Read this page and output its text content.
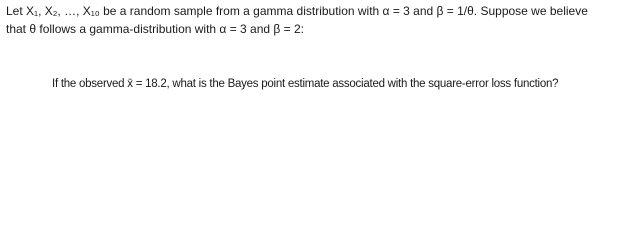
Let X₁, X₂, …, X₁₀ be a random sample from a gamma distribution with α = 3 and β = 1/θ. Suppose we believe
that θ follows a gamma-distribution with α = 3 and β = 2:
If the observed x̄ = 18.2, what is the Bayes point estimate associated with the square-error loss function?
